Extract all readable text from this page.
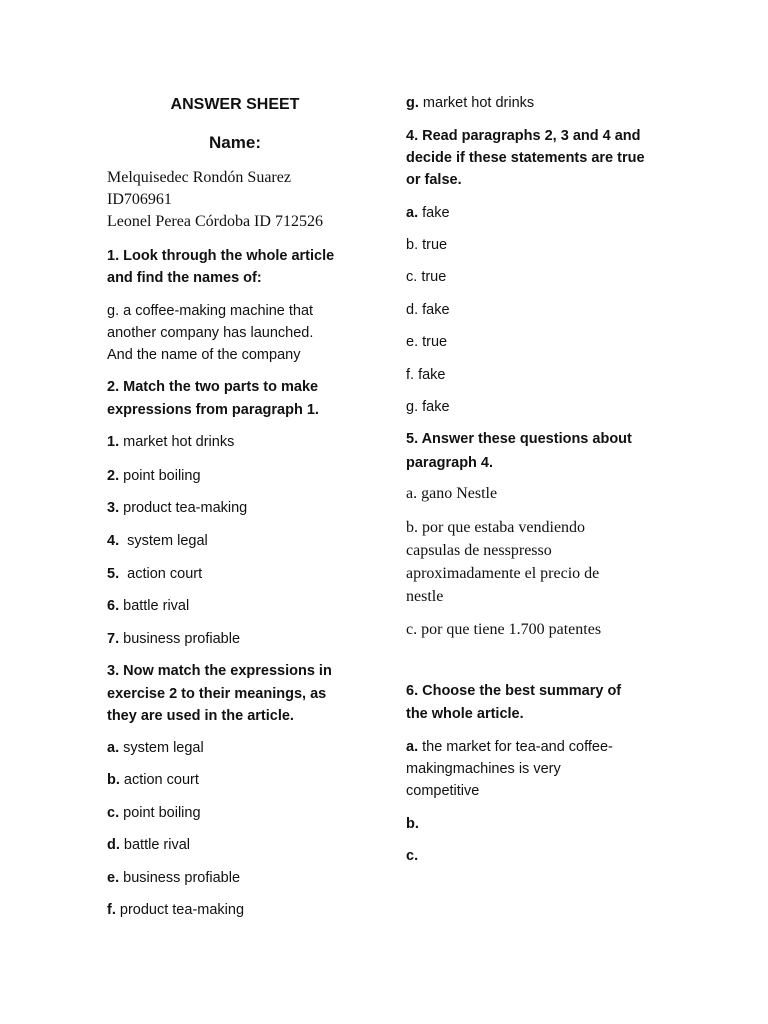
ANSWER SHEET
Name:
Melquisedec Rondón Suarez
ID706961
Leonel Perea Córdoba ID 712526
1. Look through the whole article
and find the names of:
g. a coffee-making machine that
another company has launched.
And the name of the company
2. Match the two parts to make
expressions from paragraph 1.
1. market hot drinks
2. point boiling
3. product tea-making
4. system legal
5. action court
6. battle rival
7. business profiable
3. Now match the expressions in
exercise 2 to their meanings, as
they are used in the article.
a. system legal
b. action court
c. point boiling
d. battle rival
e. business profiable
f. product tea-making
g. market hot drinks
4. Read paragraphs 2, 3 and 4 and
decide if these statements are true
or false.
a. fake
b. true
c. true
d. fake
e. true
f. fake
g. fake
5. Answer these questions about
paragraph 4.
a. gano Nestle
b. por que estaba vendiendo
capsulas de nesspresso
aproximadamente el precio de
nestle
c. por que tiene 1.700 patentes
6. Choose the best summary of
the whole article.
a. the market for tea-and coffee-
makingmachines is very
competitive
b.
c.
